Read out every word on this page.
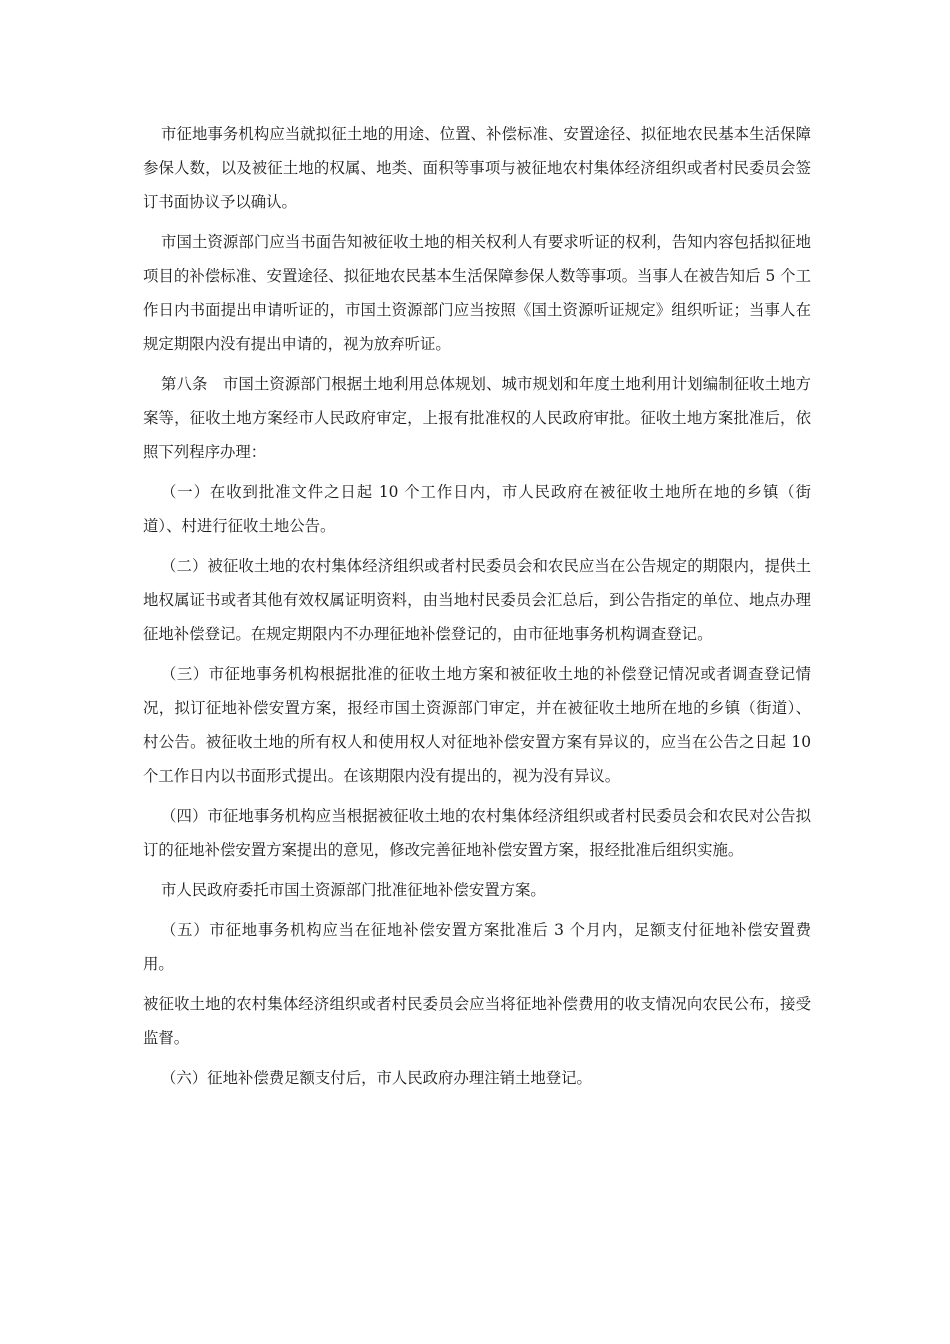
市征地事务机构应当就拟征土地的用途、位置、补偿标准、安置途径、拟征地农民基本生活保障参保人数，以及被征土地的权属、地类、面积等事项与被征地农村集体经济组织或者村民委员会签订书面协议予以确认。

市国土资源部门应当书面告知被征收土地的相关权利人有要求听证的权利，告知内容包括拟征地项目的补偿标准、安置途径、拟征地农民基本生活保障参保人数等事项。当事人在被告知后 5 个工作日内书面提出申请听证的，市国土资源部门应当按照《国土资源听证规定》组织听证；当事人在规定期限内没有提出申请的，视为放弃听证。

第八条　市国土资源部门根据土地利用总体规划、城市规划和年度土地利用计划编制征收土地方案等，征收土地方案经市人民政府审定，上报有批准权的人民政府审批。征收土地方案批准后，依照下列程序办理：

（一）在收到批准文件之日起 10 个工作日内，市人民政府在被征收土地所在地的乡镇（街道）、村进行征收土地公告。

（二）被征收土地的农村集体经济组织或者村民委员会和农民应当在公告规定的期限内，提供土地权属证书或者其他有效权属证明资料，由当地村民委员会汇总后，到公告指定的单位、地点办理征地补偿登记。在规定期限内不办理征地补偿登记的，由市征地事务机构调查登记。

（三）市征地事务机构根据批准的征收土地方案和被征收土地的补偿登记情况或者调查登记情况，拟订征地补偿安置方案，报经市国土资源部门审定，并在被征收土地所在地的乡镇（街道）、村公告。被征收土地的所有权人和使用权人对征地补偿安置方案有异议的，应当在公告之日起 10 个工作日内以书面形式提出。在该期限内没有提出的，视为没有异议。

（四）市征地事务机构应当根据被征收土地的农村集体经济组织或者村民委员会和农民对公告拟订的征地补偿安置方案提出的意见，修改完善征地补偿安置方案，报经批准后组织实施。

市人民政府委托市国土资源部门批准征地补偿安置方案。

（五）市征地事务机构应当在征地补偿安置方案批准后 3 个月内，足额支付征地补偿安置费用。

被征收土地的农村集体经济组织或者村民委员会应当将征地补偿费用的收支情况向农民公布，接受监督。

（六）征地补偿费足额支付后，市人民政府办理注销土地登记。
